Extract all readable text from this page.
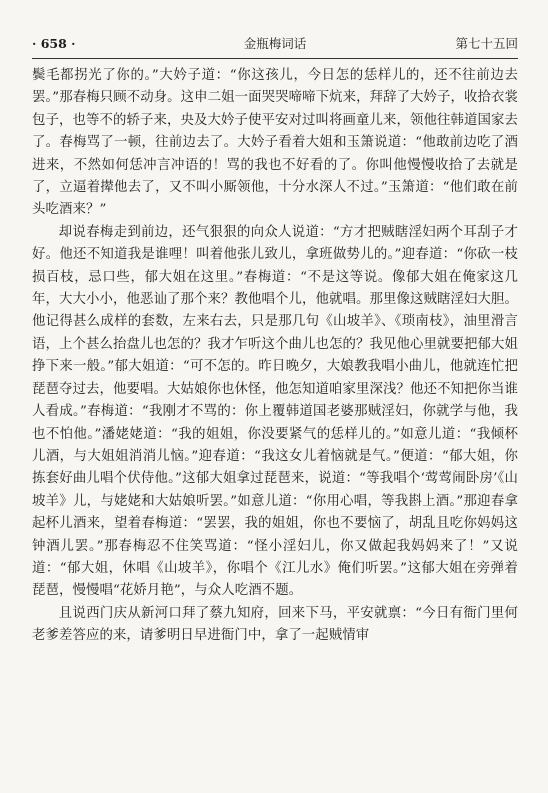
· 658 ·	金瓶梅词话	第七十五回

鬓毛都拐光了你的。”大妗子道：“你这孩儿，今日怎的恁样儿的，还不往前边去罢。”那春梅只顾不动身。这申二姐一面哭哭啼啼下炕来，拜辞了大妗子，收拾衣裳包子，也等不的轿子来，央及大妗子使平安对过叫将画童儿来，领他往韩道国家去了。春梅骂了一顿，往前边去了。大妗子看着大姐和玉箫说道：“他敢前边吃了酒进来，不然如何恁冲言冲语的！骂的我也不好看的了。你叫他慢慢收拾了去就是了，立逼着撵他去了，又不叫小厮领他，十分水深人不过。”玉箫道：“他们敢在前头吃酒来？”

却说春梅走到前边，还气狠狠的向众人说道：“方才把贼瞎淫妇两个耳刮子才好。他还不知道我是谁哩！叫着他张儿致儿，拿班做势儿的。”迎春道：“你砍一枝损百枝，忌口些，郁大姐在这里。”春梅道：“不是这等说。像郁大姐在俺家这几年，大大小小，他恶讪了那个来？教他唱个儿，他就唱。那里像这贼瞎淫妇大胆。他记得甚么成样的套数，左来右去，只是那几句《山坡羊》、《琐南枝》，油里滑言语，上个甚么抬盘儿也怎的？我才乍听这个曲儿也怎的？我见他心里就要把郁大姐挣下来一般。”郁大姐道：“可不怎的。昨日晚夕，大娘教我唱小曲儿，他就连忙把琵琶夺过去，他要唱。大姑娘你也休怪，他怎知道咱家里深浅？他还不知把你当谁人看成。”春梅道：“我刚才不骂的：你上覆韩道国老婆那贼淫妇，你就学与他，我也不怕他。”潘姥姥道：“我的姐姐，你没要紧气的恁样儿的。”如意儿道：“我倾杯儿酒，与大姐姐消消儿恼。”迎春道：“我这女儿着恼就是气。”便道：“郁大姐，你拣套好曲儿唱个伏侍他。”这郁大姐拿过琵琶来，说道：“等我唱个‘莺莺闹卧房’《山坡羊》儿，与姥姥和大姑娘听罢。”如意儿道：“你用心唱，等我斟上酒。”那迎春拿起杯儿酒来，望着春梅道：“罢罢，我的姐姐，你也不要恼了，胡乱且吃你妈妈这钟酒儿罢。”那春梅忍不住笑骂道：“怪小淫妇儿，你又做起我妈妈来了！”又说道：“郁大姐，休唱《山坡羊》，你唱个《江儿水》俺们听罢。”这郁大姐在旁弹着琵琶，慢慢唱“花娇月艳”，与众人吃酒不题。

且说西门庆从新河口拜了蔡九知府，回来下马，平安就禀：“今日有衙门里何老爹差答应的来，请爹明日早进衙门中，拿了一起贼情审
